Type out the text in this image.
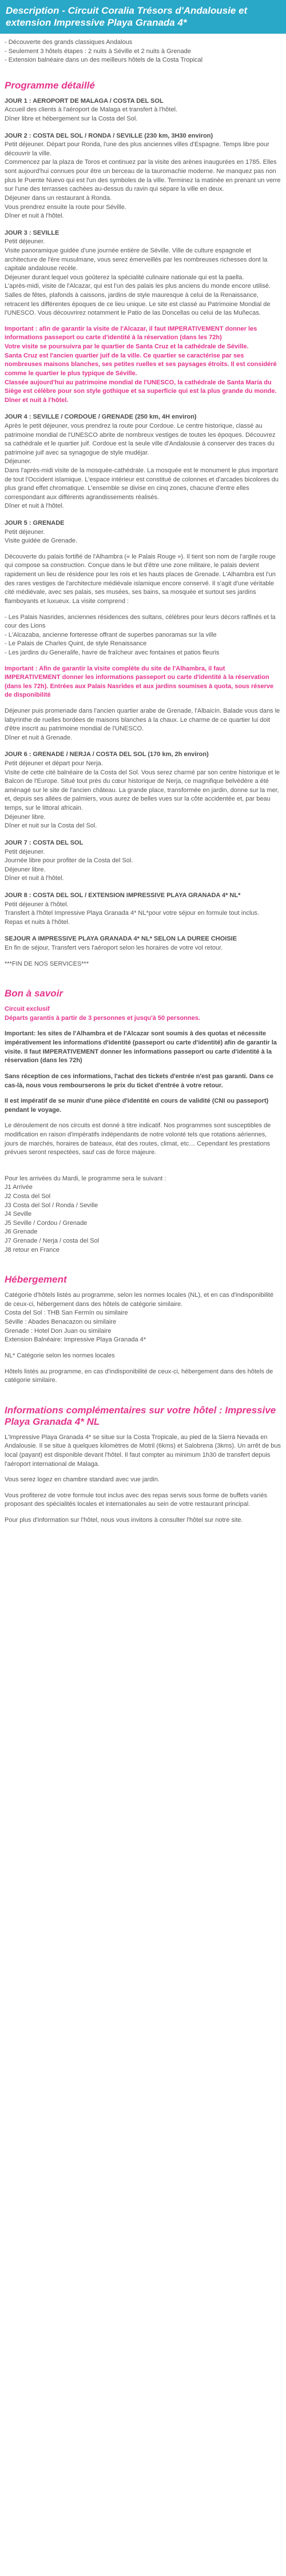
Description - Circuit Coralia Trésors d'Andalousie et extension Impressive Playa Granada 4*
- Découverte des grands classiques Andalous
- Seulement 3 hôtels étapes : 2 nuits à Séville et 2 nuits à Grenade
- Extension balnéaire dans un des meilleurs hôtels de la Costa Tropical
Programme détaillé
JOUR 1 : AEROPORT DE MALAGA / COSTA DEL SOL

Accueil des clients à l'aéroport de Malaga et transfert à l'hôtel.
Dîner libre et hébergement sur la Costa del Sol.

JOUR 2 : COSTA DEL SOL / RONDA / SEVILLE (230 km, 3H30 environ)

Petit déjeuner. Départ pour Ronda, l'une des plus anciennes villes d'Espagne. Temps libre pour découvrir la ville.
Commencez par la plaza de Toros et continuez par la visite des arènes inaugurées en 1785. Elles sont aujourd'hui connues pour être un berceau de la tauromachie moderne. Ne manquez pas non plus le Puente Nuevo qui est l'un des symboles de la ville. Terminez la matinée en prenant un verre sur l'une des terrasses cachées au-dessus du ravin qui sépare la ville en deux.
Déjeuner dans un restaurant à Ronda.
Vous prendrez ensuite la route pour Séville.
Dîner et nuit à l'hôtel.

JOUR 3 : SEVILLE

Petit déjeuner.
Visite panoramique guidée d'une journée entière de Séville. Ville de culture espagnole et architecture de l'ère musulmane, vous serez émerveillés par les nombreuses richesses dont la capitale andalouse recèle.
Déjeuner durant lequel vous goûterez la spécialité culinaire nationale qui est la paella.
L'après-midi, visite de l'Alcazar, qui est l'un des palais les plus anciens du monde encore utilisé. Salles de fêtes, plafonds à caissons, jardins de style mauresque à celui de la Renaissance, retracent les différentes époques de ce lieu unique. Le site est classé au Patrimoine Mondial de l'UNESCO. Vous découvrirez notamment le Patio de las Doncellas ou celui de las Muñecas.

Important : afin de garantir la visite de l'Alcazar, il faut IMPERATIVEMENT donner les informations passeport ou carte d'identité à la réservation (dans les 72h)
Votre visite se poursuivra par le quartier de Santa Cruz et la cathédrale de Séville.
Santa Cruz est l'ancien quartier juif de la ville. Ce quartier se caractérise par ses nombreuses maisons blanches, ses petites ruelles et ses paysages étroits. Il est considéré comme le quartier le plus typique de Séville.
Classée aujourd'hui au patrimoine mondial de l'UNESCO, la cathédrale de Santa María du Siège est célèbre pour son style gothique et sa superficie qui est la plus grande du monde.
Dîner et nuit à l'hôtel.

JOUR 4 : SEVILLE / CORDOUE / GRENADE (250 km, 4H environ)

Après le petit déjeuner, vous prendrez la route pour Cordoue. Le centre historique, classé au patrimoine mondial de l'UNESCO abrite de nombreux vestiges de toutes les époques. Découvrez sa cathédrale et le quartier juif. Cordoue est la seule ville d'Andalousie à conserver des traces du patrimoine juif avec sa synagogue de style mudéjar.
Déjeuner.
Dans l'après-midi visite de la mosquée-cathédrale. La mosquée est le monument le plus important de tout l'Occident islamique. L'espace intérieur est constitué de colonnes et d'arcades bicolores du plus grand effet chromatique. L'ensemble se divise en cinq zones, chacune d'entre elles correspondant aux différents agrandissements réalisés.
Dîner et nuit à l'hôtel.

JOUR 5 : GRENADE

Petit déjeuner.
Visite guidée de Grenade.

Découverte du palais fortifié de l'Alhambra (« le Palais Rouge »). Il tient son nom de l'argile rouge qui compose sa construction. Conçue dans le but d'être une zone militaire, le palais devient rapidement un lieu de résidence pour les rois et les hauts places de Grenade. L'Alhambra est l'un des rares vestiges de l'architecture médiévale islamique encore conservé. Il s'agit d'une véritable cité médiévale, avec ses palais, ses musées, ses bains, sa mosquée et surtout ses jardins flamboyants et luxueux. La visite comprend :

- Les Palais Nasrides, anciennes résidences des sultans, célèbres pour leurs décors raffinés et la cour des Lions
- L'Alcazaba, ancienne forteresse offrant de superbes panoramas sur la ville
- Le Palais de Charles Quint, de style Renaissance
- Les jardins du Generalife, havre de fraîcheur avec fontaines et patios fleuris

Important : Afin de garantir la visite complète du site de l'Alhambra, il faut IMPERATIVEMENT donner les informations passeport ou carte d'identité à la réservation (dans les 72h). Entrées aux Palais Nasrides et aux jardins soumises à quota, sous réserve de disponibilité

Déjeuner puis promenade dans l'ancien quartier arabe de Grenade, l'Albaicín. Balade vous dans le labyrinthe de ruelles bordées de maisons blanches à la chaux. Le charme de ce quartier lui doit d'être inscrit au patrimoine mondial de l'UNESCO.
Dîner et nuit à Grenade.

JOUR 6 : GRENADE / NERJA / COSTA DEL SOL (170 km, 2h environ)

Petit déjeuner et départ pour Nerja.
Visite de cette cité balnéaire de la Costa del Sol. Vous serez charmé par son centre historique et le Balcon de l'Europe. Situé tout près du cœur historique de Nerja, ce magnifique belvédère a été aménagé sur le site de l'ancien château. La grande place, transformée en jardin, donne sur la mer, et, depuis ses allées de palmiers, vous aurez de belles vues sur la côte accidentée et, par beau temps, sur le littoral africain.
Déjeuner libre.
Dîner et nuit sur la Costa del Sol.

JOUR 7 : COSTA DEL SOL

Petit déjeuner.
Journée libre pour profiter de la Costa del Sol.
Déjeuner libre.
Dîner et nuit à l'hôtel.

JOUR 8 : COSTA DEL SOL / EXTENSION IMPRESSIVE PLAYA GRANADA 4* NL*

Petit déjeuner à l'hôtel.
Transfert à l'hôtel Impressive Playa Granada 4* NL*pour votre séjour en formule tout inclus.
Repas et nuits à l'hôtel.

SEJOUR A IMPRESSIVE PLAYA GRANADA 4* NL* SELON LA DUREE CHOISIE

En fin de séjour, Transfert vers l'aéroport selon les horaires de votre vol retour.

***FIN DE NOS SERVICES***

Bon à savoir
Circuit exclusif
Départs garantis à partir de 3 personnes et jusqu'à 50 personnes.
Important: les sites de l'Alhambra et de l'Alcazar sont soumis à des quotas et nécessite impérativement les informations d'identité (passeport ou carte d'identité) afin de garantir la visite. Il faut IMPERATIVEMENT donner les informations passeport ou carte d'identité à la réservation (dans les 72h)
Sans réception de ces informations, l'achat des tickets d'entrée n'est pas garanti. Dans ce cas-là, nous vous rembourserons le prix du ticket d'entrée à votre retour.
Il est impératif de se munir d'une pièce d'identité en cours de validité (CNI ou passeport) pendant le voyage.
Le déroulement de nos circuits est donné à titre indicatif. Nos programmes sont susceptibles de modification en raison d'impératifs indépendants de notre volonté tels que rotations aériennes, jours de marchés, horaires de bateaux, état des routes, climat, etc… Cependant les prestations prévues seront respectées, sauf cas de force majeure.
Pour les arrivées du Mardi, le programme sera le suivant :
J1 Arrivée
J2 Costa del Sol
J3 Costa del Sol / Ronda / Seville
J4 Seville
J5 Seville / Cordou / Grenade
J6 Grenade
J7 Grenade / Nerja / costa del Sol
J8 retour en France
Hébergement
Catégorie d'hôtels listés au programme, selon les normes locales (NL), et en cas d'indisponibilité de ceux-ci, hébergement dans des hôtels de catégorie similaire.
Costa del Sol : THB San Fermín ou similaire
Séville : Abades Benacazon ou similaire
Grenade : Hotel Don Juan ou similaire
Extension Balnéaire: Impressive Playa Granada 4*
NL* Catégorie selon les normes locales
Hôtels listés au programme, en cas d'indisponibilité de ceux-ci, hébergement dans des hôtels de catégorie similaire.
Informations complémentaires sur votre hôtel : Impressive Playa Granada 4* NL
L'Impressive Playa Granada 4* se situe sur la Costa Tropicale, au pied de la Sierra Nevada en Andalousie. Il se situe à quelques kilomètres de Motril (6kms) et Salobrena (3kms). Un arrêt de bus local (payant) est disponible devant l'hôtel. Il faut compter au minimum 1h30 de transfert depuis l'aéroport international de Malaga.
Vous serez logez en chambre standard avec vue jardin.
Vous profiterez de votre formule tout inclus avec des repas servis sous forme de buffets variés proposant des spécialités locales et internationales au sein de votre restaurant principal.
Pour plus d'information sur l'hôtel, nous vous invitons à consulter l'hôtel sur notre site.
